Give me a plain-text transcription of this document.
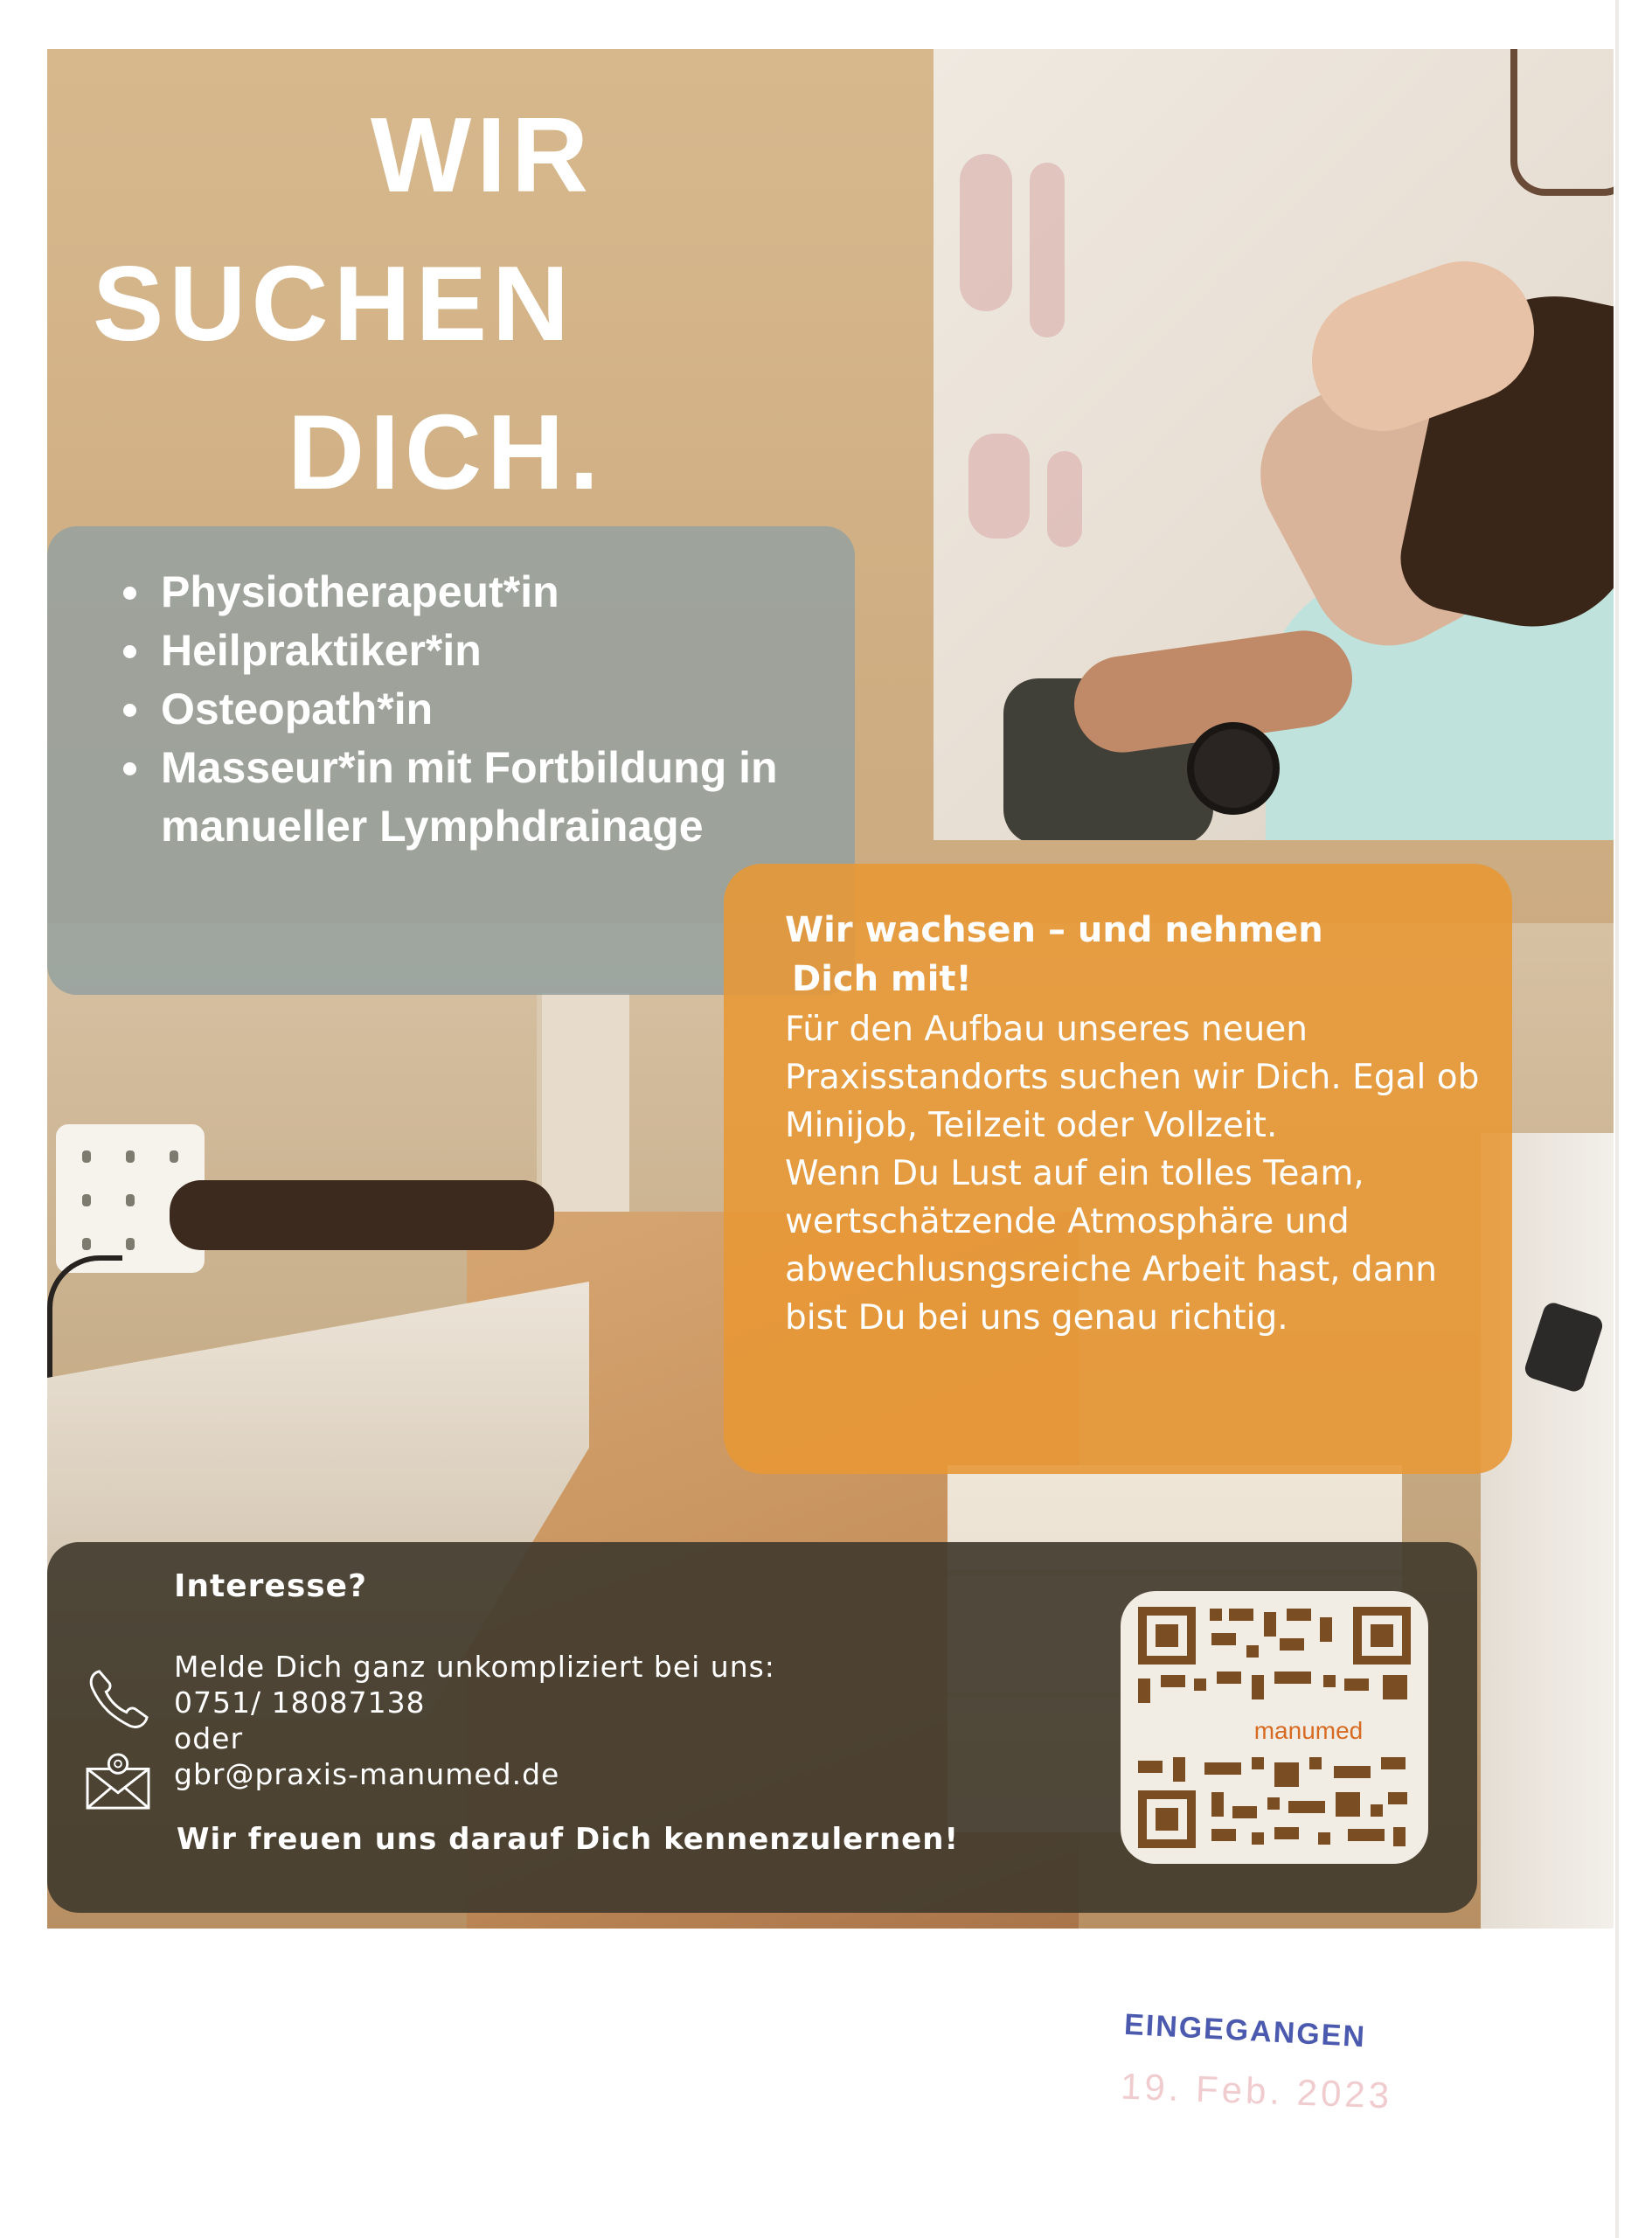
WIR
SUCHEN
DICH.
• Physiotherapeut*in
• Heilpraktiker*in
• Osteopath*in
• Masseur*in mit Fortbildung in manueller Lymphdrainage
Wir wachsen – und nehmen
Dich mit!

Für den Aufbau unseres neuen Praxisstandorts suchen wir Dich. Egal ob Minijob, Teilzeit oder Vollzeit.

Wenn Du Lust auf ein tolles Team, wertschätzende Atmosphäre und abwechlusngsreiche Arbeit hast, dann bist Du bei uns genau richtig.

Interesse?

Melde Dich ganz unkompliziert bei uns:
0751/ 18087138
oder
gbr@praxis-manumed.de

Wir freuen uns darauf Dich kennenzulernen!

manumed

EINGEGANGEN

19. Feb. 2023
